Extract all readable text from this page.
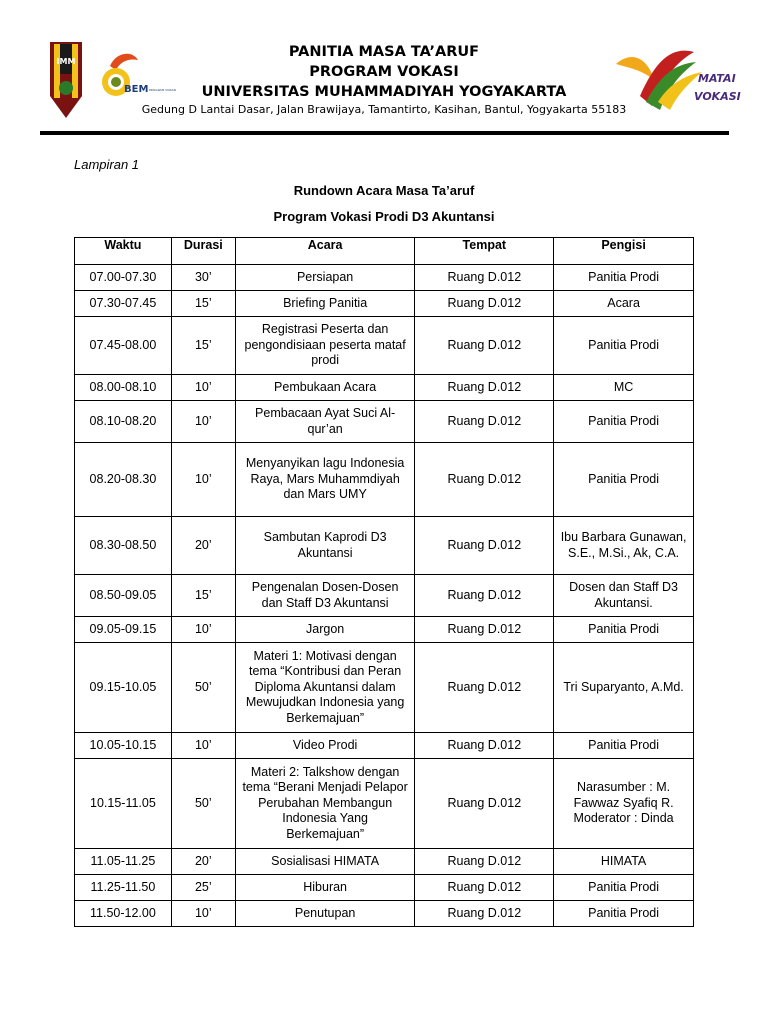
IMM
BEM PROGRAM VOKASI
MATAI
VOKASI
PANITIA MASA TA’ARUF
PROGRAM VOKASI
UNIVERSITAS MUHAMMADIYAH YOGYAKARTA
Gedung D Lantai Dasar, Jalan Brawijaya, Tamantirto, Kasihan, Bantul, Yogyakarta 55183
Lampiran 1
Rundown Acara Masa Ta’aruf
Program Vokasi Prodi D3 Akuntansi
Waktu	Durasi	Acara	Tempat	Pengisi
07.00-07.30	30’	Persiapan	Ruang D.012	Panitia Prodi
07.30-07.45	15’	Briefing Panitia	Ruang D.012	Acara
07.45-08.00	15’	Registrasi Peserta dan pengondisiaan peserta mataf prodi	Ruang D.012	Panitia Prodi
08.00-08.10	10’	Pembukaan Acara	Ruang D.012	MC
08.10-08.20	10’	Pembacaan Ayat Suci Al-qur’an	Ruang D.012	Panitia Prodi
08.20-08.30	10’	Menyanyikan lagu Indonesia Raya, Mars Muhammdiyah dan Mars UMY	Ruang D.012	Panitia Prodi
08.30-08.50	20’	Sambutan Kaprodi D3 Akuntansi	Ruang D.012	Ibu Barbara Gunawan, S.E., M.Si., Ak, C.A.
08.50-09.05	15’	Pengenalan Dosen-Dosen dan Staff D3 Akuntansi	Ruang D.012	Dosen dan Staff D3 Akuntansi.
09.05-09.15	10’	Jargon	Ruang D.012	Panitia Prodi
09.15-10.05	50’	Materi 1: Motivasi dengan tema “Kontribusi dan Peran Diploma Akuntansi dalam Mewujudkan Indonesia yang Berkemajuan”	Ruang D.012	Tri Suparyanto, A.Md.
10.05-10.15	10’	Video Prodi	Ruang D.012	Panitia Prodi
10.15-11.05	50’	Materi 2: Talkshow dengan tema “Berani Menjadi Pelapor Perubahan Membangun Indonesia Yang Berkemajuan”	Ruang D.012	Narasumber : M. Fawwaz Syafiq R. Moderator : Dinda
11.05-11.25	20’	Sosialisasi HIMATA	Ruang D.012	HIMATA
11.25-11.50	25’	Hiburan	Ruang D.012	Panitia Prodi
11.50-12.00	10’	Penutupan	Ruang D.012	Panitia Prodi
